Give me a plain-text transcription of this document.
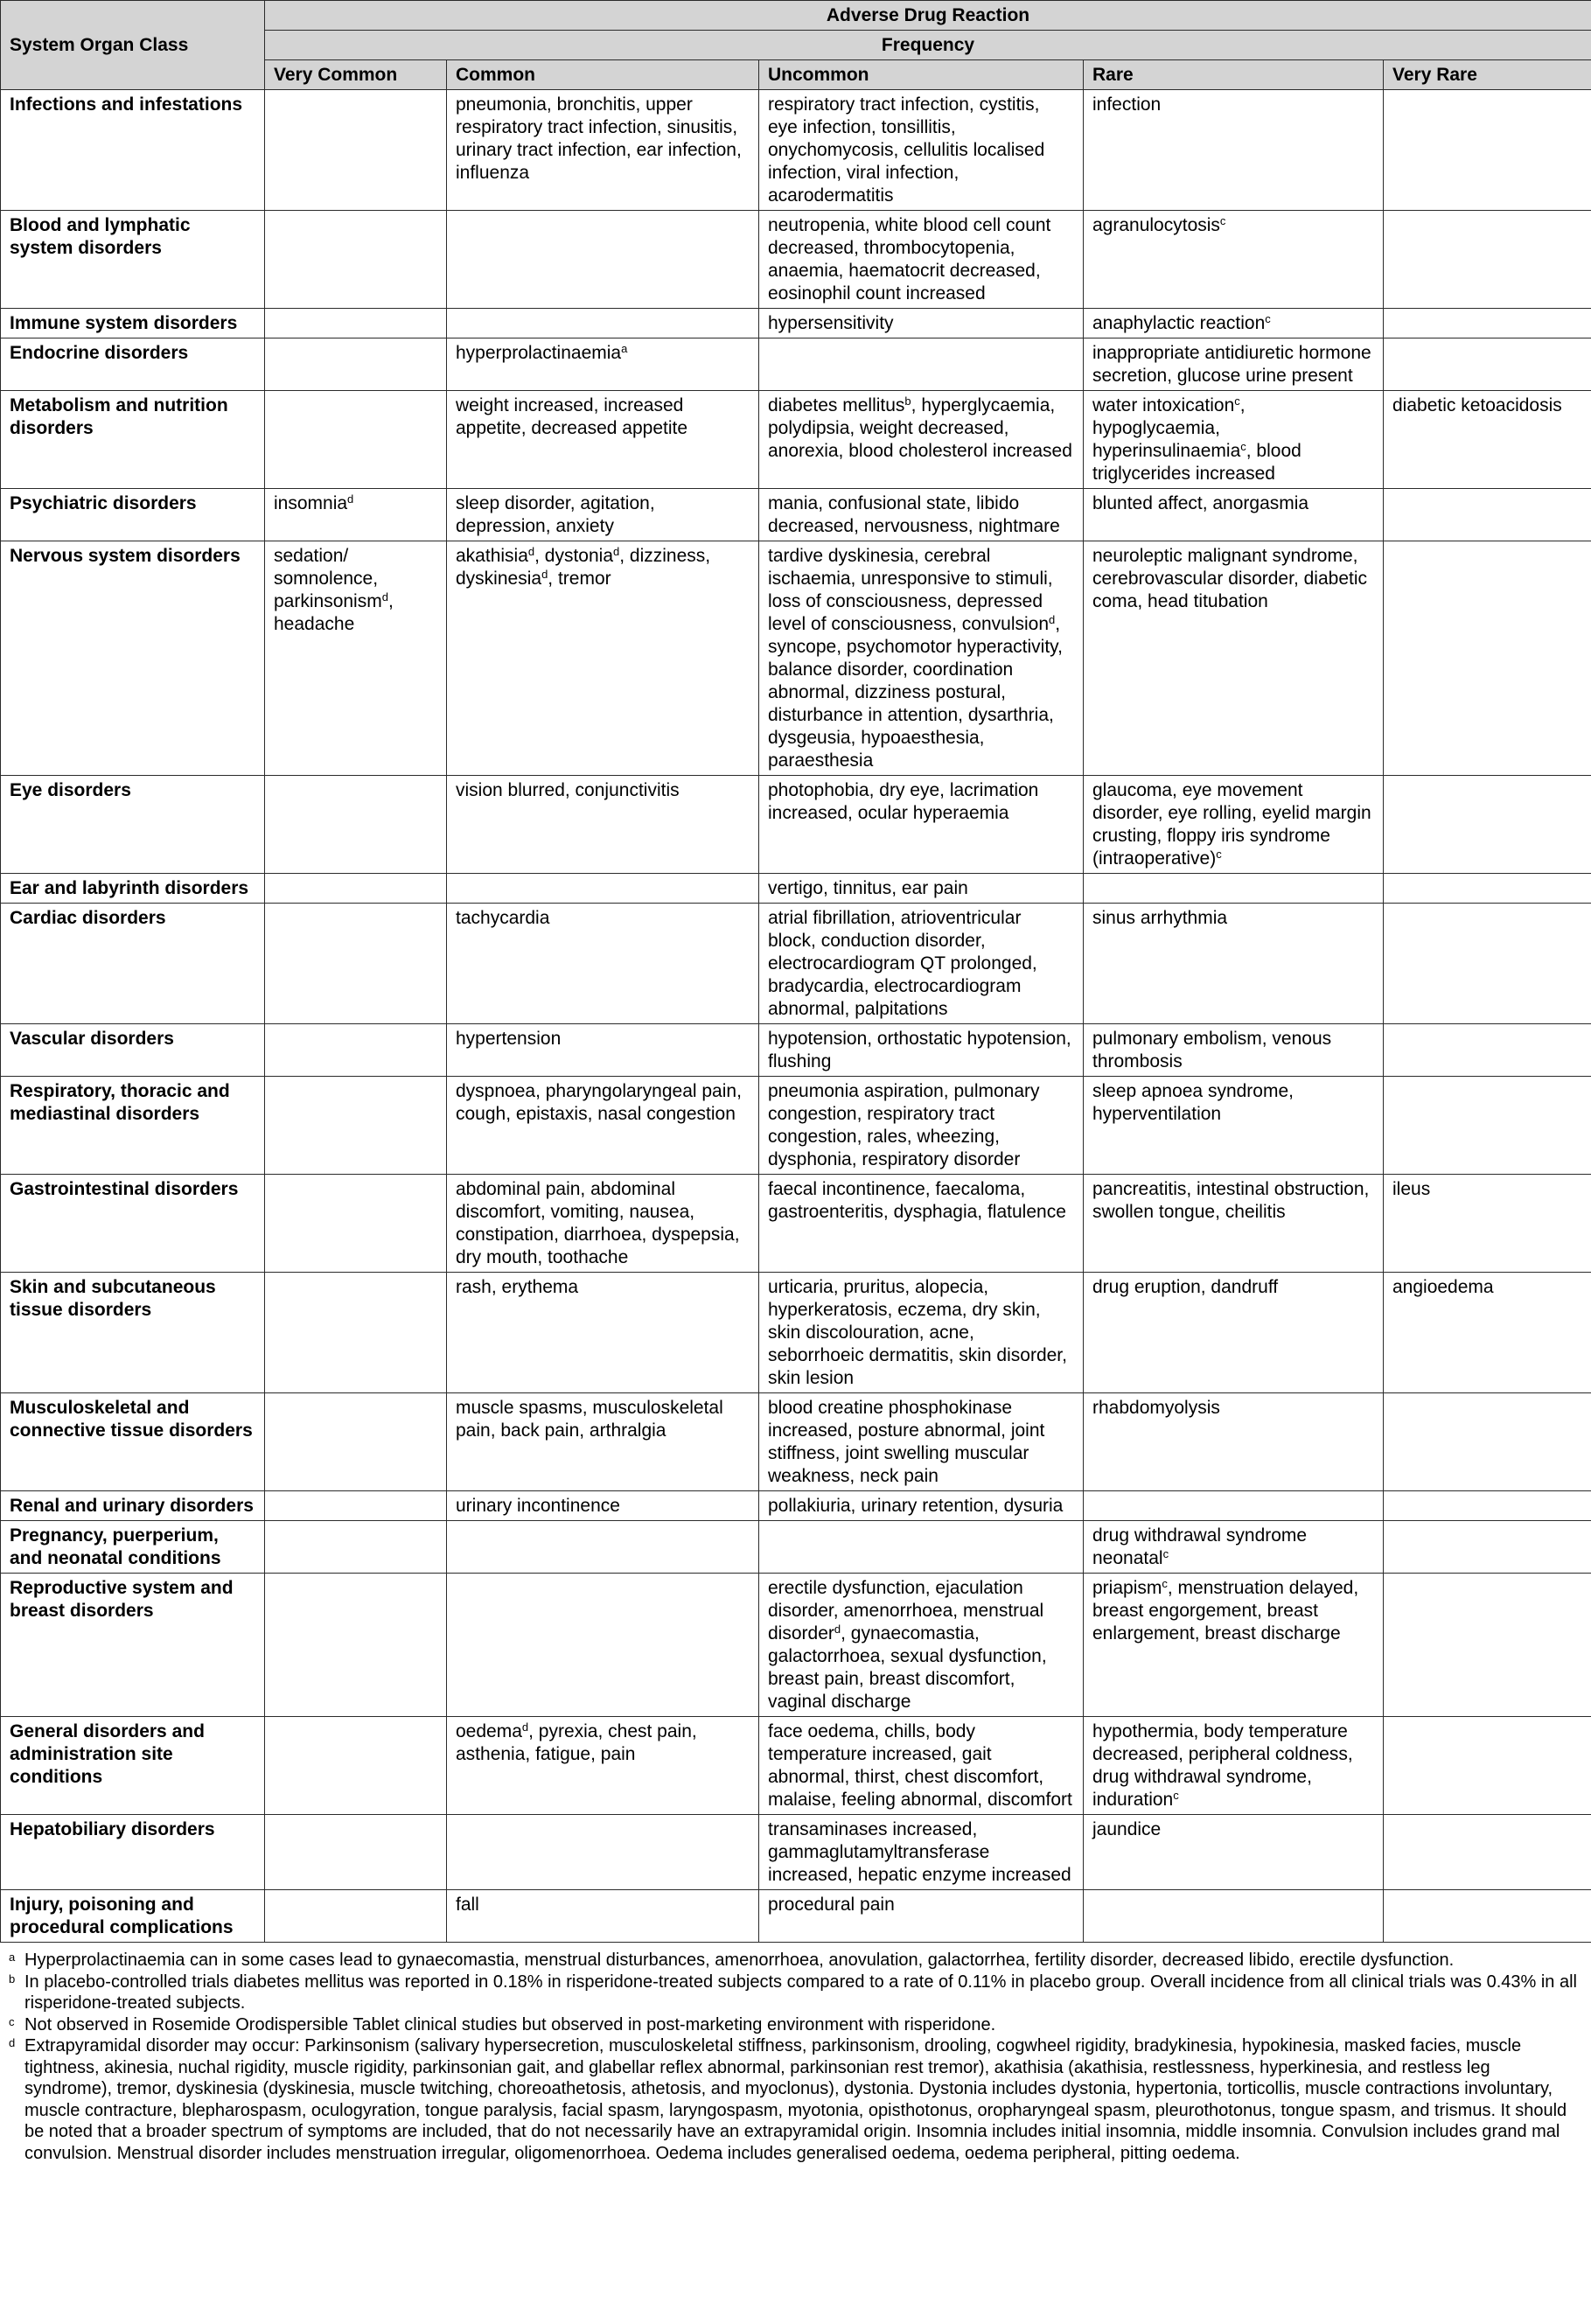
System Organ Class	Adverse Drug Reaction				
	Frequency				
	Very Common	Common	Uncommon	Rare	Very Rare
Infections and infestations		pneumonia, bronchitis, upper respiratory tract infection, sinusitis, urinary tract infection, ear infection, influenza	respiratory tract infection, cystitis, eye infection, tonsillitis, onychomycosis, cellulitis localised infection, viral infection, acarodermatitis	infection	
Blood and lymphatic system disorders			neutropenia, white blood cell count decreased, thrombocytopenia, anaemia, haematocrit decreased, eosinophil count increased	agranulocytosis$^c$	
Immune system disorders			hypersensitivity	anaphylactic reaction$^c$	
Endocrine disorders		hyperprolactinaemia$^a$		inappropriate antidiuretic hormone secretion, glucose urine present	
Metabolism and nutrition disorders		weight increased, increased appetite, decreased appetite	diabetes mellitus$^b$, hyperglycaemia, polydipsia, weight decreased, anorexia, blood cholesterol increased	water intoxication$^c$, hypoglycaemia, hyperinsulinaemia$^c$, blood triglycerides increased	diabetic ketoacidosis
Psychiatric disorders	insomnia$^d$	sleep disorder, agitation, depression, anxiety	mania, confusional state, libido decreased, nervousness, nightmare	blunted affect, anorgasmia	
Nervous system disorders	sedation/ somnolence, parkinsonism$^d$, headache	akathisia$^d$, dystonia$^d$, dizziness, dyskinesia$^d$, tremor	tardive dyskinesia, cerebral ischaemia, unresponsive to stimuli, loss of consciousness, depressed level of consciousness, convulsion$^d$, syncope, psychomotor hyperactivity, balance disorder, coordination abnormal, dizziness postural, disturbance in attention, dysarthria, dysgeusia, hypoaesthesia, paraesthesia	neuroleptic malignant syndrome, cerebrovascular disorder, diabetic coma, head titubation	
Eye disorders		vision blurred, conjunctivitis	photophobia, dry eye, lacrimation increased, ocular hyperaemia	glaucoma, eye movement disorder, eye rolling, eyelid margin crusting, floppy iris syndrome (intraoperative)$^c$	
Ear and labyrinth disorders			vertigo, tinnitus, ear pain		
Cardiac disorders		tachycardia	atrial fibrillation, atrioventricular block, conduction disorder, electrocardiogram QT prolonged, bradycardia, electrocardiogram abnormal, palpitations	sinus arrhythmia	
Vascular disorders		hypertension	hypotension, orthostatic hypotension, flushing	pulmonary embolism, venous thrombosis	
Respiratory, thoracic and mediastinal disorders		dyspnoea, pharyngolaryngeal pain, cough, epistaxis, nasal congestion	pneumonia aspiration, pulmonary congestion, respiratory tract congestion, rales, wheezing, dysphonia, respiratory disorder	sleep apnoea syndrome, hyperventilation	
Gastrointestinal disorders		abdominal pain, abdominal discomfort, vomiting, nausea, constipation, diarrhoea, dyspepsia, dry mouth, toothache	faecal incontinence, faecaloma, gastroenteritis, dysphagia, flatulence	pancreatitis, intestinal obstruction, swollen tongue, cheilitis	ileus
Skin and subcutaneous tissue disorders		rash, erythema	urticaria, pruritus, alopecia, hyperkeratosis, eczema, dry skin, skin discolouration, acne, seborrhoeic dermatitis, skin disorder, skin lesion	drug eruption, dandruff	angioedema
Musculoskeletal and connective tissue disorders		muscle spasms, musculoskeletal pain, back pain, arthralgia	blood creatine phosphokinase increased, posture abnormal, joint stiffness, joint swelling muscular weakness, neck pain	rhabdomyolysis	
Renal and urinary disorders		urinary incontinence	pollakiuria, urinary retention, dysuria		
Pregnancy, puerperium, and neonatal conditions				drug withdrawal syndrome neonatal$^c$	
Reproductive system and breast disorders			erectile dysfunction, ejaculation disorder, amenorrhoea, menstrual disorder$^d$, gynaecomastia, galactorrhoea, sexual dysfunction, breast pain, breast discomfort, vaginal discharge	priapism$^c$, menstruation delayed, breast engorgement, breast enlargement, breast discharge	
General disorders and administration site conditions		oedema$^d$, pyrexia, chest pain, asthenia, fatigue, pain	face oedema, chills, body temperature increased, gait abnormal, thirst, chest discomfort, malaise, feeling abnormal, discomfort	hypothermia, body temperature decreased, peripheral coldness, drug withdrawal syndrome, induration$^c$	
Hepatobiliary disorders			transaminases increased, gammaglutamyltransferase increased, hepatic enzyme increased	jaundice	
Injury, poisoning and procedural complications		fall	procedural pain		
a Hyperprolactinaemia can in some cases lead to gynaecomastia, menstrual disturbances, amenorrhoea, anovulation, galactorrhea, fertility disorder, decreased libido, erectile dysfunction.
b In placebo-controlled trials diabetes mellitus was reported in 0.18% in risperidone-treated subjects compared to a rate of 0.11% in placebo group. Overall incidence from all clinical trials was 0.43% in all risperidone-treated subjects.
c Not observed in Rosemide Orodispersible Tablet clinical studies but observed in post-marketing environment with risperidone.
d Extrapyramidal disorder may occur: Parkinsonism (salivary hypersecretion, musculoskeletal stiffness, parkinsonism, drooling, cogwheel rigidity, bradykinesia, hypokinesia, masked facies, muscle tightness, akinesia, nuchal rigidity, muscle rigidity, parkinsonian gait, and glabellar reflex abnormal, parkinsonian rest tremor), akathisia (akathisia, restlessness, hyperkinesia, and restless leg syndrome), tremor, dyskinesia (dyskinesia, muscle twitching, choreoathetosis, athetosis, and myoclonus), dystonia. Dystonia includes dystonia, hypertonia, torticollis, muscle contractions involuntary, muscle contracture, blepharospasm, oculogyration, tongue paralysis, facial spasm, laryngospasm, myotonia, opisthotonus, oropharyngeal spasm, pleurothotonus, tongue spasm, and trismus. It should be noted that a broader spectrum of symptoms are included, that do not necessarily have an extrapyramidal origin. Insomnia includes initial insomnia, middle insomnia. Convulsion includes grand mal convulsion. Menstrual disorder includes menstruation irregular, oligomenorrhoea. Oedema includes generalised oedema, oedema peripheral, pitting oedema.
